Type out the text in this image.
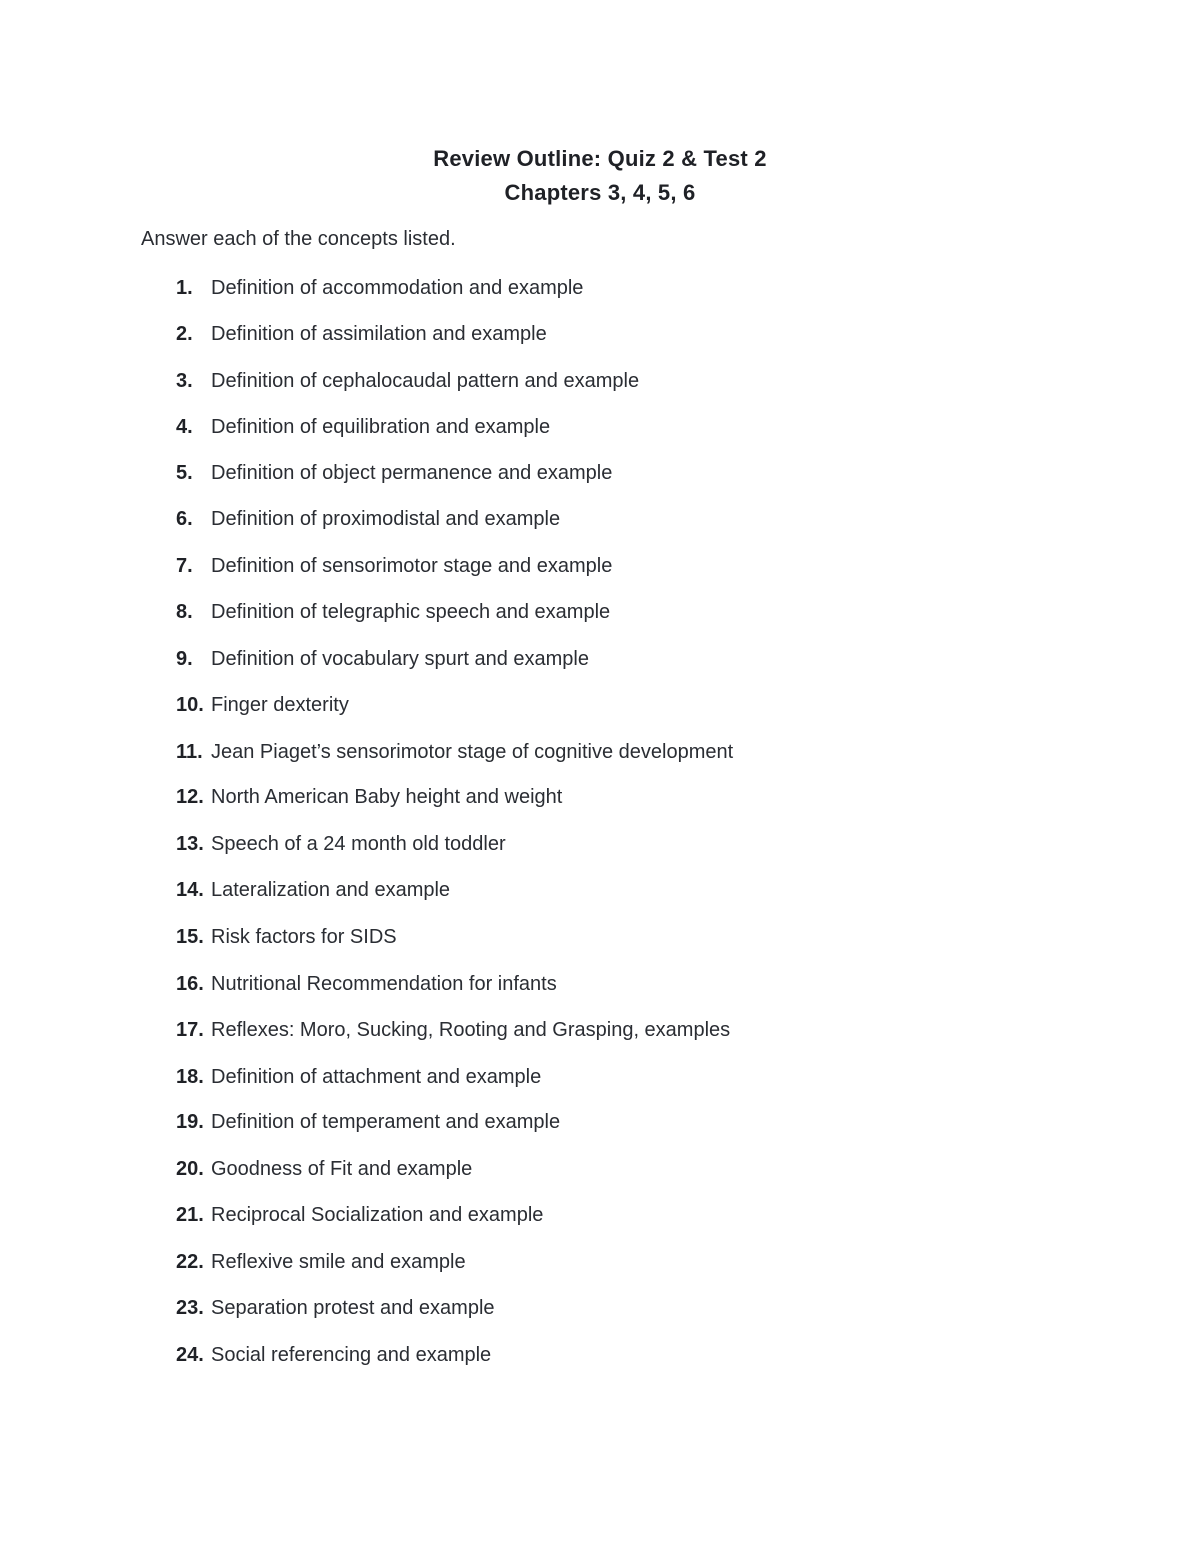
Review Outline: Quiz 2 & Test 2
Chapters 3, 4, 5, 6

Answer each of the concepts listed.

1. Definition of accommodation and example
2. Definition of assimilation and example
3. Definition of cephalocaudal pattern and example
4. Definition of equilibration and example
5. Definition of object permanence and example
6. Definition of proximodistal and example
7. Definition of sensorimotor stage and example
8. Definition of telegraphic speech and example
9. Definition of vocabulary spurt and example
10. Finger dexterity
11. Jean Piaget’s sensorimotor stage of cognitive development
12. North American Baby height and weight
13. Speech of a 24 month old toddler
14. Lateralization and example
15. Risk factors for SIDS
16. Nutritional Recommendation for infants
17. Reflexes: Moro, Sucking, Rooting and Grasping, examples
18. Definition of attachment and example
19. Definition of temperament and example
20. Goodness of Fit and example
21. Reciprocal Socialization and example
22. Reflexive smile and example
23. Separation protest and example
24. Social referencing and example
